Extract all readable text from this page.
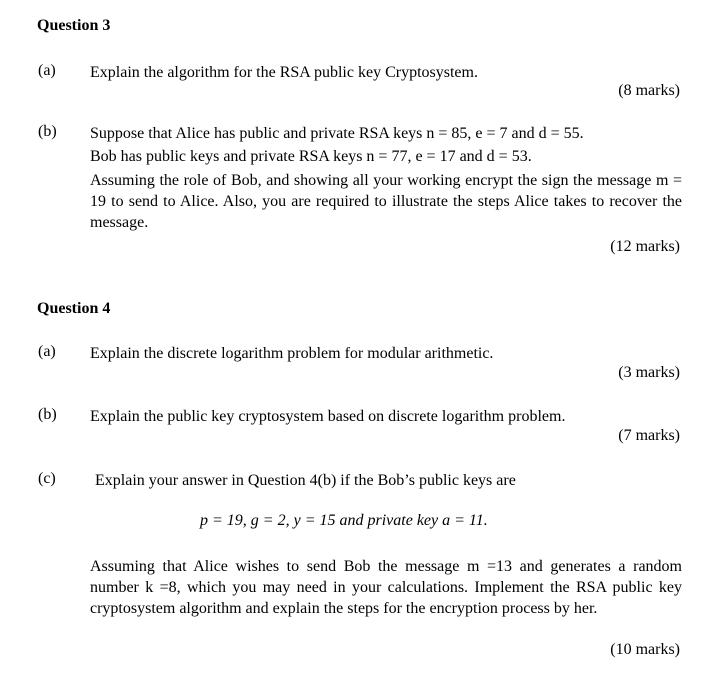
Question 3
(a) Explain the algorithm for the RSA public key Cryptosystem.
(8 marks)
(b) Suppose that Alice has public and private RSA keys n = 85, e = 7 and d = 55.
Bob has public keys and private RSA keys n = 77, e = 17 and d = 53.
Assuming the role of Bob, and showing all your working encrypt the sign the message m = 19 to send to Alice. Also, you are required to illustrate the steps Alice takes to recover the message.
(12 marks)
Question 4
(a) Explain the discrete logarithm problem for modular arithmetic.
(3 marks)
(b) Explain the public key cryptosystem based on discrete logarithm problem.
(7 marks)
(c) Explain your answer in Question 4(b) if the Bob’s public keys are
p = 19, g = 2, y = 15 and private key a = 11.
Assuming that Alice wishes to send Bob the message m =13 and generates a random number k =8, which you may need in your calculations. Implement the RSA public key cryptosystem algorithm and explain the steps for the encryption process by her.
(10 marks)
